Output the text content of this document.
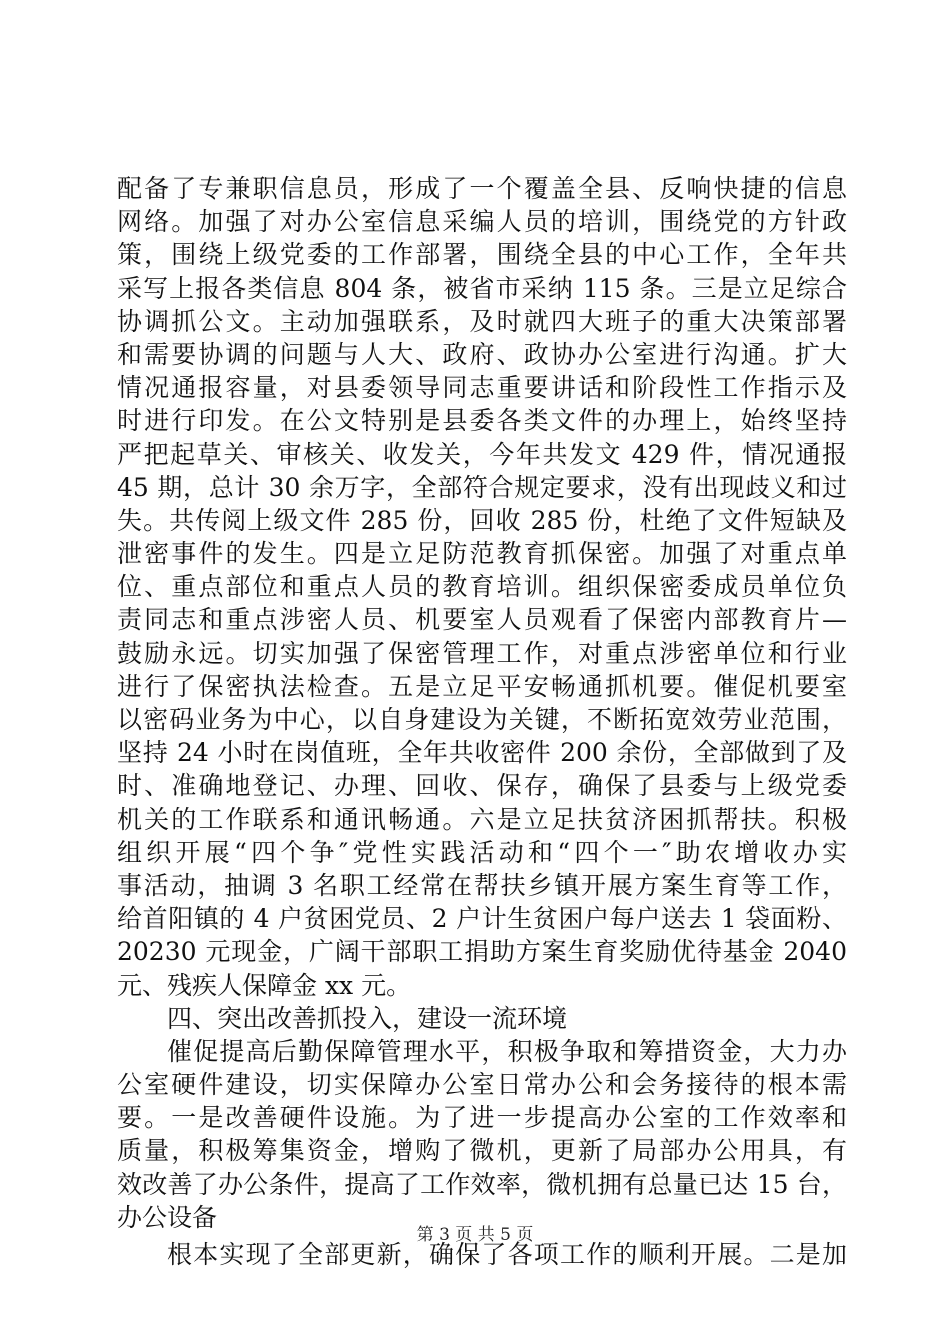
配备了专兼职信息员，形成了一个覆盖全县、反响快捷的信息
网络。加强了对办公室信息采编人员的培训，围绕党的方针政
策，围绕上级党委的工作部署，围绕全县的中心工作，全年共
采写上报各类信息 804 条，被省市采纳 115 条。三是立足综合
协调抓公文。主动加强联系，及时就四大班子的重大决策部署
和需要协调的问题与人大、政府、政协办公室进行沟通。扩大
情况通报容量，对县委领导同志重要讲话和阶段性工作指示及
时进行印发。在公文特别是县委各类文件的办理上，始终坚持
严把起草关、审核关、收发关，今年共发文 429 件，情况通报
45 期，总计 30 余万字，全部符合规定要求，没有出现歧义和过
失。共传阅上级文件 285 份，回收 285 份，杜绝了文件短缺及
泄密事件的发生。四是立足防范教育抓保密。加强了对重点单
位、重点部位和重点人员的教育培训。组织保密委成员单位负
责同志和重点涉密人员、机要室人员观看了保密内部教育片—
鼓励永远。切实加强了保密管理工作，对重点涉密单位和行业
进行了保密执法检查。五是立足平安畅通抓机要。催促机要室
以密码业务为中心，以自身建设为关键，不断拓宽效劳业范围，
坚持 24 小时在岗值班，全年共收密件 200 余份，全部做到了及
时、准确地登记、办理、回收、保存，确保了县委与上级党委
机关的工作联系和通讯畅通。六是立足扶贫济困抓帮扶。积极
组织开展“四个争″党性实践活动和“四个一″助农增收办实
事活动，抽调 3 名职工经常在帮扶乡镇开展方案生育等工作，
给首阳镇的 4 户贫困党员、2 户计生贫困户每户送去 1 袋面粉、
20230 元现金，广阔干部职工捐助方案生育奖励优待基金 2040
元、残疾人保障金 xx 元。
四、突出改善抓投入，建设一流环境
催促提高后勤保障管理水平，积极争取和筹措资金，大力办
公室硬件建设，切实保障办公室日常办公和会务接待的根本需
要。一是改善硬件设施。为了进一步提高办公室的工作效率和
质量，积极筹集资金，增购了微机，更新了局部办公用具，有
效改善了办公条件，提高了工作效率，微机拥有总量已达 15 台，
办公设备
根本实现了全部更新，确保了各项工作的顺利开展。二是加
第 3 页 共 5 页
